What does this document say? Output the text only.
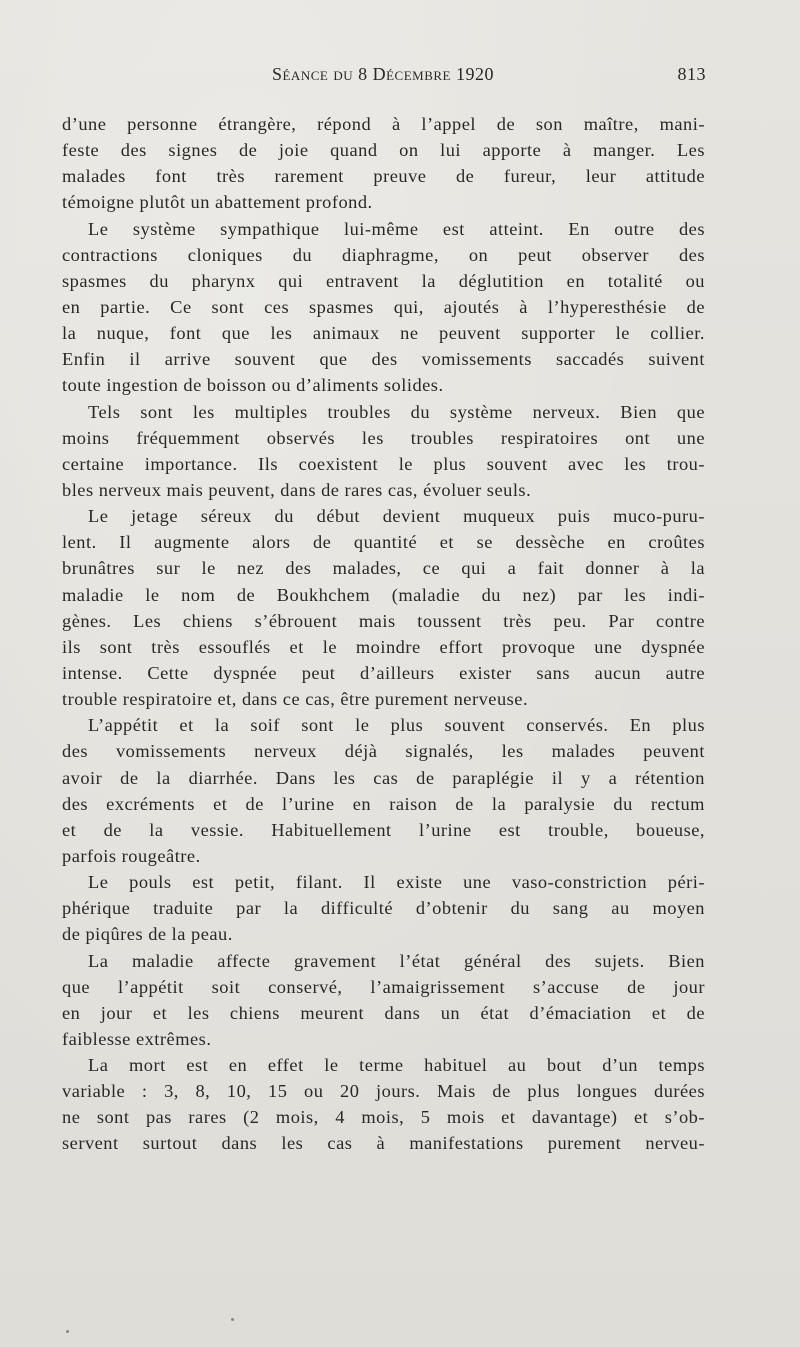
Séance du 8 Décembre 1920	813
d’une personne étrangère, répond à l’appel de son maître, mani-
feste des signes de joie quand on lui apporte à manger. Les
malades font très rarement preuve de fureur, leur attitude
témoigne plutôt un abattement profond.
Le système sympathique lui-même est atteint. En outre des
contractions cloniques du diaphragme, on peut observer des
spasmes du pharynx qui entravent la déglutition en totalité ou
en partie. Ce sont ces spasmes qui, ajoutés à l’hyperesthésie de
la nuque, font que les animaux ne peuvent supporter le collier.
Enfin il arrive souvent que des vomissements saccadés suivent
toute ingestion de boisson ou d’aliments solides.
Tels sont les multiples troubles du système nerveux. Bien que
moins fréquemment observés les troubles respiratoires ont une
certaine importance. Ils coexistent le plus souvent avec les trou-
bles nerveux mais peuvent, dans de rares cas, évoluer seuls.
Le jetage séreux du début devient muqueux puis muco-puru-
lent. Il augmente alors de quantité et se dessèche en croûtes
brunâtres sur le nez des malades, ce qui a fait donner à la
maladie le nom de Boukhchem (maladie du nez) par les indi-
gènes. Les chiens s’ébrouent mais toussent très peu. Par contre
ils sont très essouflés et le moindre effort provoque une dyspnée
intense. Cette dyspnée peut d’ailleurs exister sans aucun autre
trouble respiratoire et, dans ce cas, être purement nerveuse.
L’appétit et la soif sont le plus souvent conservés. En plus
des vomissements nerveux déjà signalés, les malades peuvent
avoir de la diarrhée. Dans les cas de paraplégie il y a rétention
des excréments et de l’urine en raison de la paralysie du rectum
et de la vessie. Habituellement l’urine est trouble, boueuse,
parfois rougeâtre.
Le pouls est petit, filant. Il existe une vaso-constriction péri-
phérique traduite par la difficulté d’obtenir du sang au moyen
de piqûres de la peau.
La maladie affecte gravement l’état général des sujets. Bien
que l’appétit soit conservé, l’amaigrissement s’accuse de jour
en jour et les chiens meurent dans un état d’émaciation et de
faiblesse extrêmes.
La mort est en effet le terme habituel au bout d’un temps
variable : 3, 8, 10, 15 ou 20 jours. Mais de plus longues durées
ne sont pas rares (2 mois, 4 mois, 5 mois et davantage) et s’ob-
servent surtout dans les cas à manifestations purement nerveu-
